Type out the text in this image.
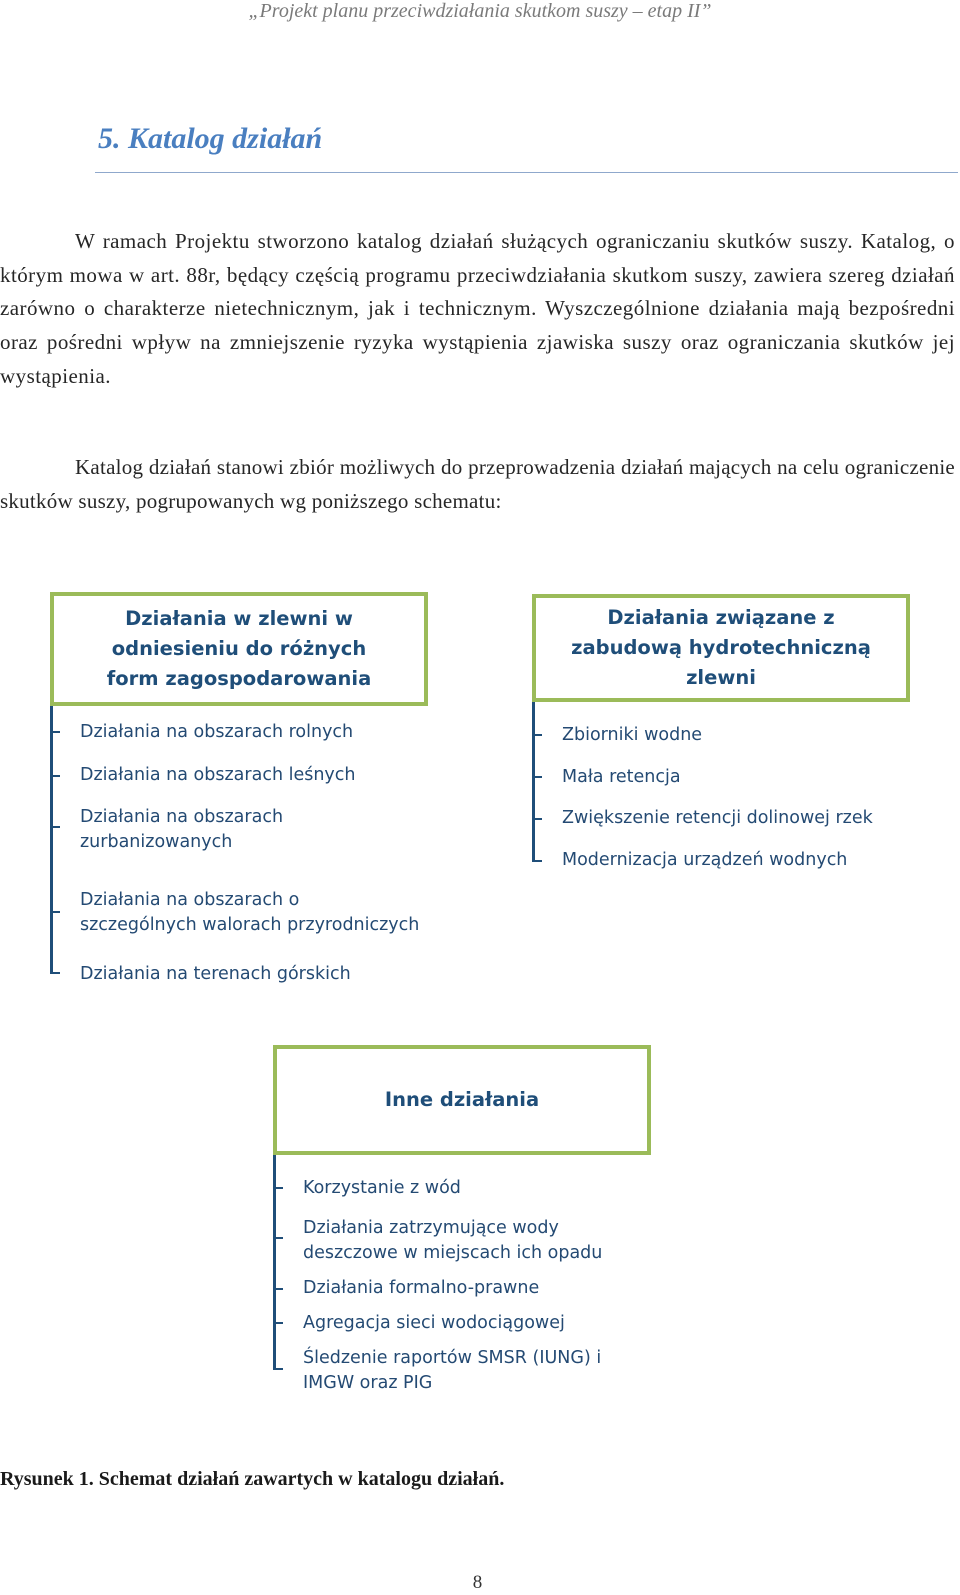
„Projekt planu przeciwdziałania skutkom suszy – etap II”
5. Katalog działań

W ramach Projektu stworzono katalog działań służących ograniczaniu skutków suszy. Katalog, o którym mowa w art. 88r, będący częścią programu przeciwdziałania skutkom suszy, zawiera szereg działań zarówno o charakterze nietechnicznym, jak i technicznym. Wyszczególnione działania mają bezpośredni oraz pośredni wpływ na zmniejszenie ryzyka wystąpienia zjawiska suszy oraz ograniczania skutków jej wystąpienia.

Katalog działań stanowi zbiór możliwych do przeprowadzenia działań mających na celu ograniczenie skutków suszy, pogrupowanych wg poniższego schematu:

Działania w zlewni w odniesieniu do różnych form zagospodarowania

Działania na obszarach rolnych

Działania na obszarach leśnych

Działania na obszarach zurbanizowanych

Działania na obszarach o szczególnych walorach przyrodniczych

Działania na terenach górskich

Działania związane z zabudową hydrotechniczną zlewni

Zbiorniki wodne

Mała retencja

Zwiększenie retencji dolinowej rzek

Modernizacja urządzeń wodnych

Inne działania

Korzystanie z wód

Działania zatrzymujące wody deszczowe w miejscach ich opadu

Działania formalno-prawne

Agregacja sieci wodociągowej

Śledzenie raportów SMSR (IUNG) i IMGW oraz PIG

Rysunek 1. Schemat działań zawartych w katalogu działań.

8
